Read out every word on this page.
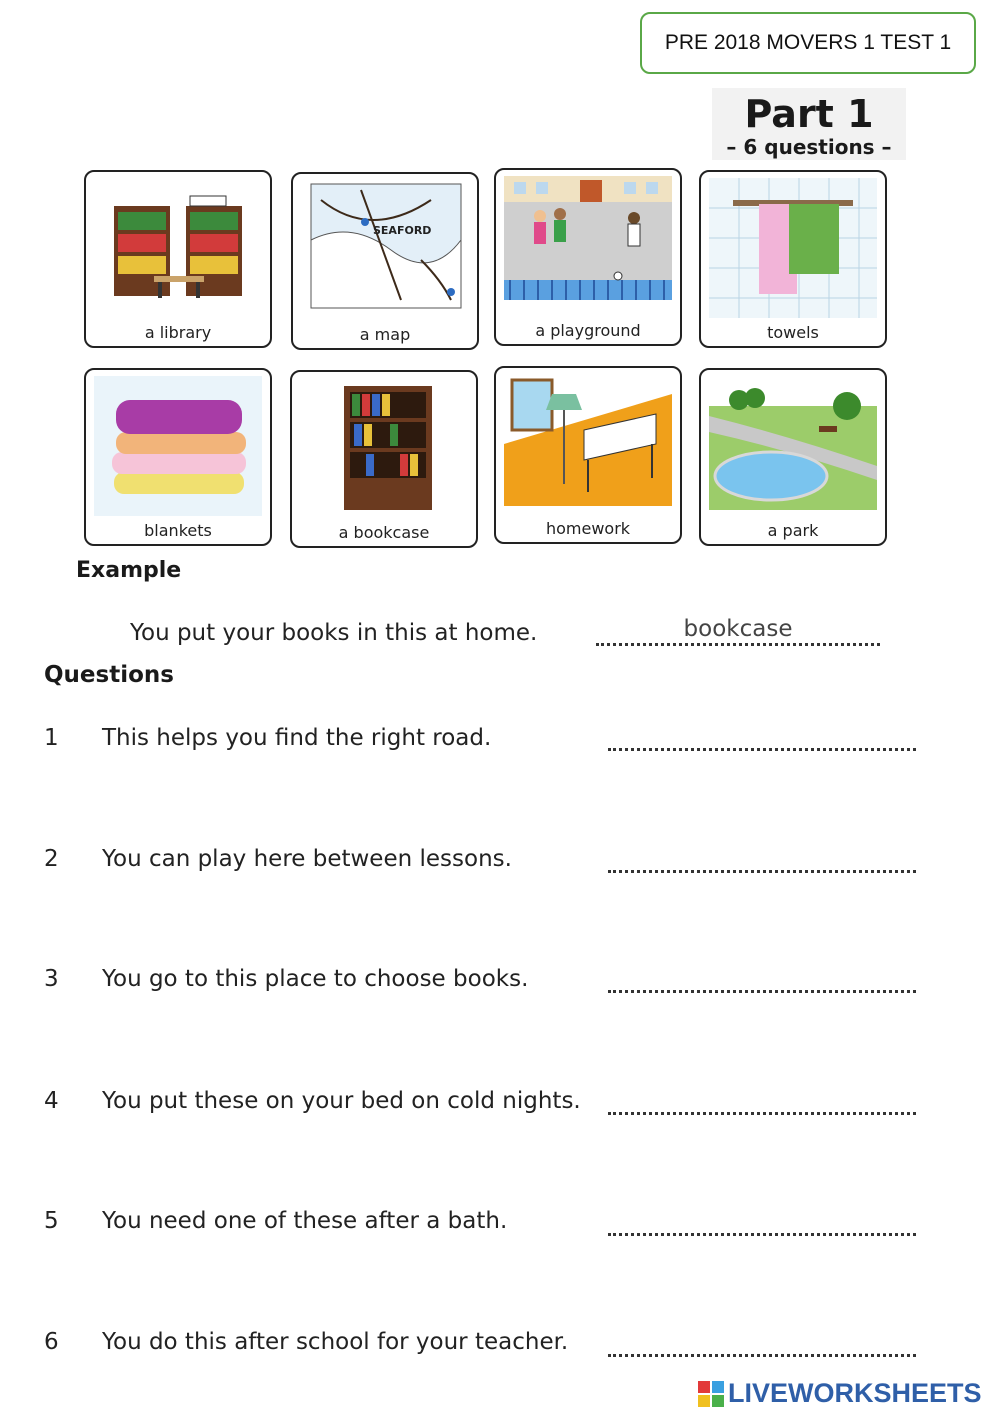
PRE 2018 MOVERS 1 TEST 1
Part 1
– 6 questions –
a library
SEAFORD
a map	a playground	towels
blankets	a bookcase	homework	a park
Example
You put your books in this at home.	bookcase
Questions
1 This helps you find the right road.
2 You can play here between lessons.
3 You go to this place to choose books.
4 You put these on your bed on cold nights.
5 You need one of these after a bath.
6 You do this after school for your teacher.
LIVEWORKSHEETS
